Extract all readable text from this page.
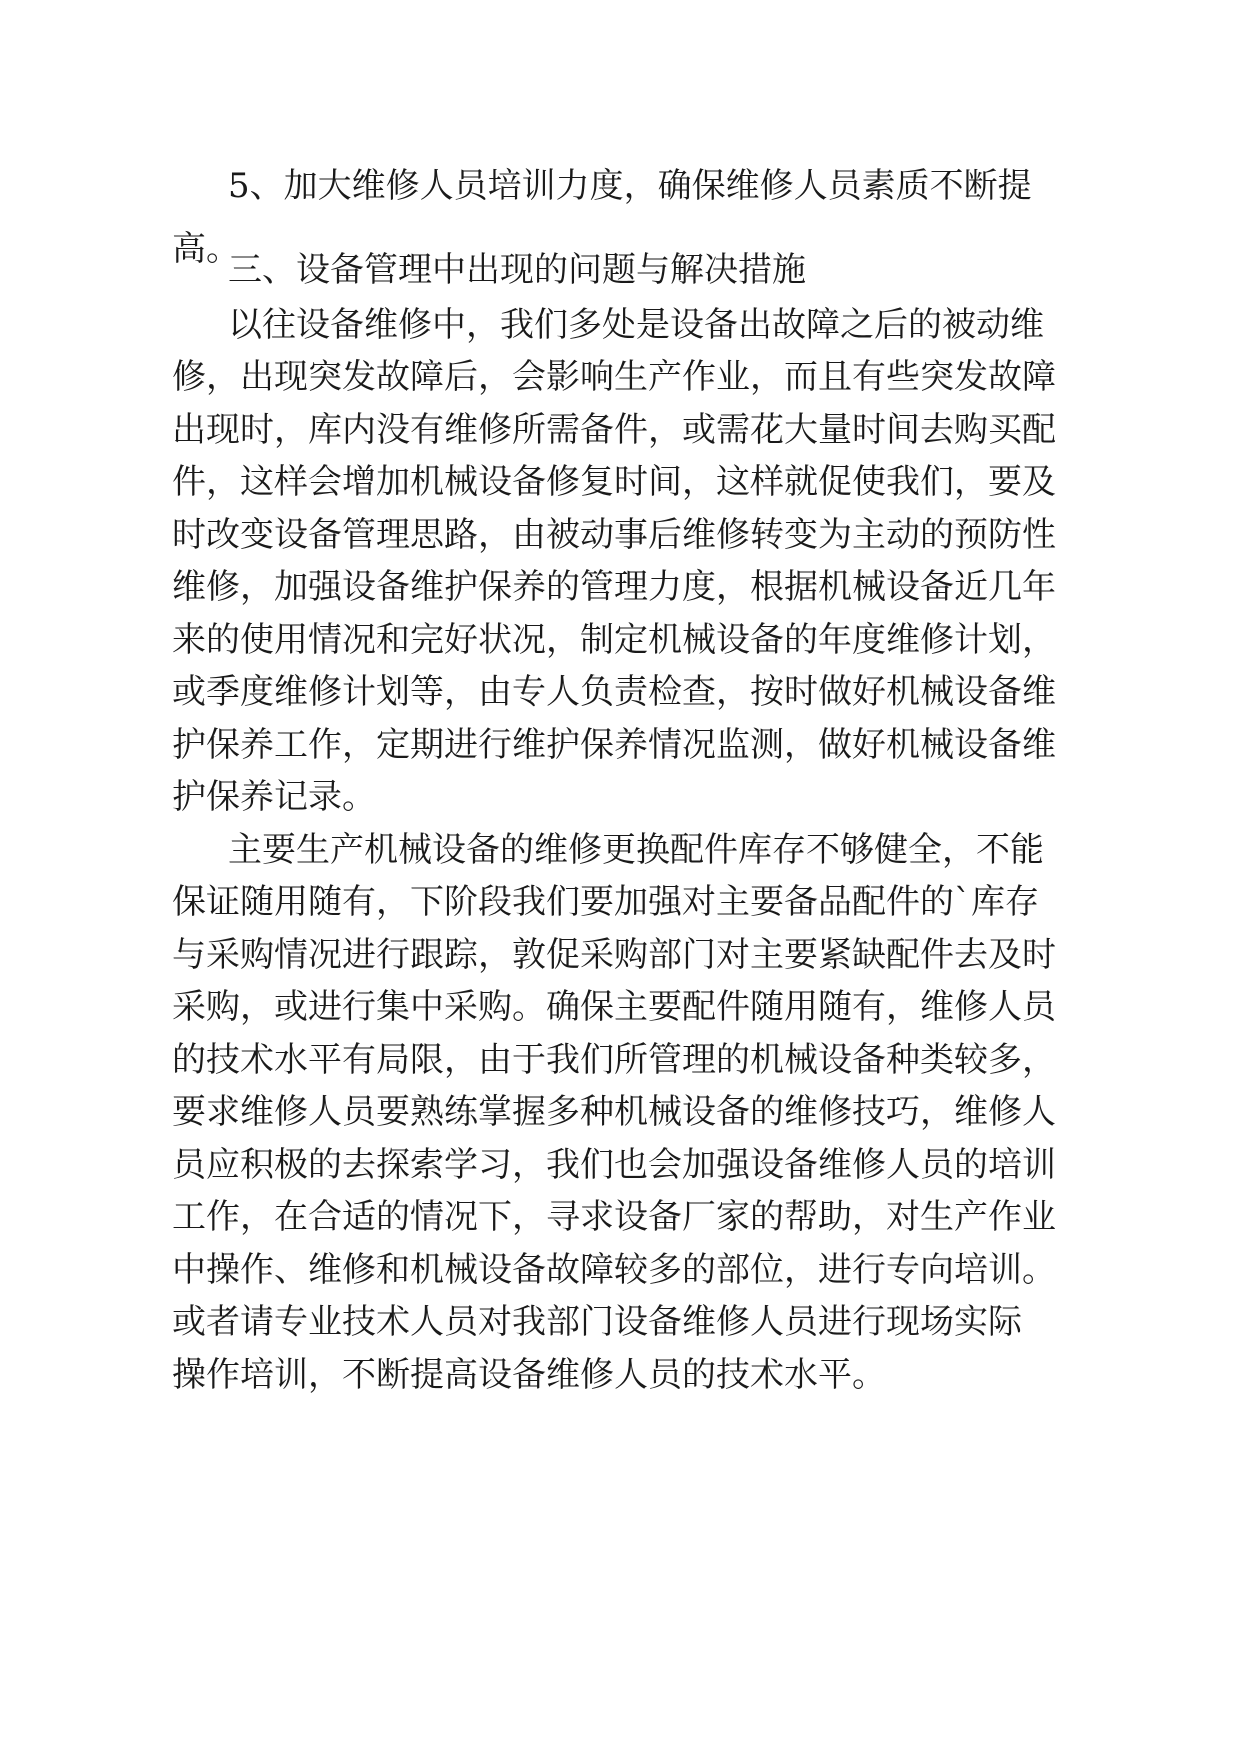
5、加大维修人员培训力度，确保维修人员素质不断提
高。
三、设备管理中出现的问题与解决措施
以往设备维修中，我们多处是设备出故障之后的被动维
修，出现突发故障后，会影响生产作业，而且有些突发故障
出现时，库内没有维修所需备件，或需花大量时间去购买配
件，这样会增加机械设备修复时间，这样就促使我们，要及
时改变设备管理思路，由被动事后维修转变为主动的预防性
维修，加强设备维护保养的管理力度，根据机械设备近几年
来的使用情况和完好状况，制定机械设备的年度维修计划，
或季度维修计划等，由专人负责检查，按时做好机械设备维
护保养工作，定期进行维护保养情况监测，做好机械设备维
护保养记录。
主要生产机械设备的维修更换配件库存不够健全，不能
保证随用随有，下阶段我们要加强对主要备品配件的`库存
与采购情况进行跟踪，敦促采购部门对主要紧缺配件去及时
采购，或进行集中采购。确保主要配件随用随有，维修人员
的技术水平有局限，由于我们所管理的机械设备种类较多，
要求维修人员要熟练掌握多种机械设备的维修技巧，维修人
员应积极的去探索学习，我们也会加强设备维修人员的培训
工作，在合适的情况下，寻求设备厂家的帮助，对生产作业
中操作、维修和机械设备故障较多的部位，进行专向培训。
或者请专业技术人员对我部门设备维修人员进行现场实际
操作培训，不断提高设备维修人员的技术水平。
